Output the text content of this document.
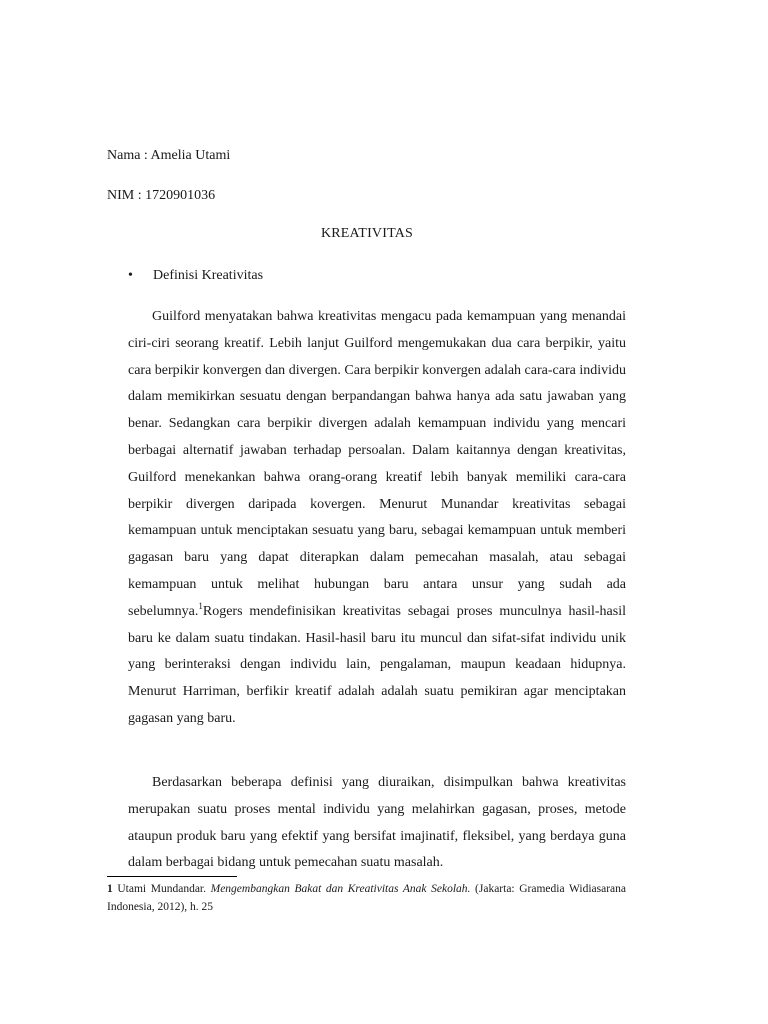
Nama : Amelia Utami
NIM : 1720901036
KREATIVITAS
• Definisi Kreativitas

Guilford menyatakan bahwa kreativitas mengacu pada kemampuan yang menandai ciri-ciri seorang kreatif. Lebih lanjut Guilford mengemukakan dua cara berpikir, yaitu cara berpikir konvergen dan divergen. Cara berpikir konvergen adalah cara-cara individu dalam memikirkan sesuatu dengan berpandangan bahwa hanya ada satu jawaban yang benar. Sedangkan cara berpikir divergen adalah kemampuan individu yang mencari berbagai alternatif jawaban terhadap persoalan. Dalam kaitannya dengan kreativitas, Guilford menekankan bahwa orang-orang kreatif lebih banyak memiliki cara-cara berpikir divergen daripada kovergen. Menurut Munandar kreativitas sebagai kemampuan untuk menciptakan sesuatu yang baru, sebagai kemampuan untuk memberi gagasan baru yang dapat diterapkan dalam pemecahan masalah, atau sebagai kemampuan untuk melihat hubungan baru antara unsur yang sudah ada sebelumnya.$^1$Rogers mendefinisikan kreativitas sebagai proses munculnya hasil-hasil baru ke dalam suatu tindakan. Hasil-hasil baru itu muncul dan sifat-sifat individu unik yang berinteraksi dengan individu lain, pengalaman, maupun keadaan hidupnya. Menurut Harriman, berfikir kreatif adalah adalah suatu pemikiran agar menciptakan gagasan yang baru.

Berdasarkan beberapa definisi yang diuraikan, disimpulkan bahwa kreativitas merupakan suatu proses mental individu yang melahirkan gagasan, proses, metode ataupun produk baru yang efektif yang bersifat imajinatif, fleksibel, yang berdaya guna dalam berbagai bidang untuk pemecahan suatu masalah.

1 Utami Mundandar. Mengembangkan Bakat dan Kreativitas Anak Sekolah. (Jakarta: Gramedia Widiasarana Indonesia, 2012), h. 25
